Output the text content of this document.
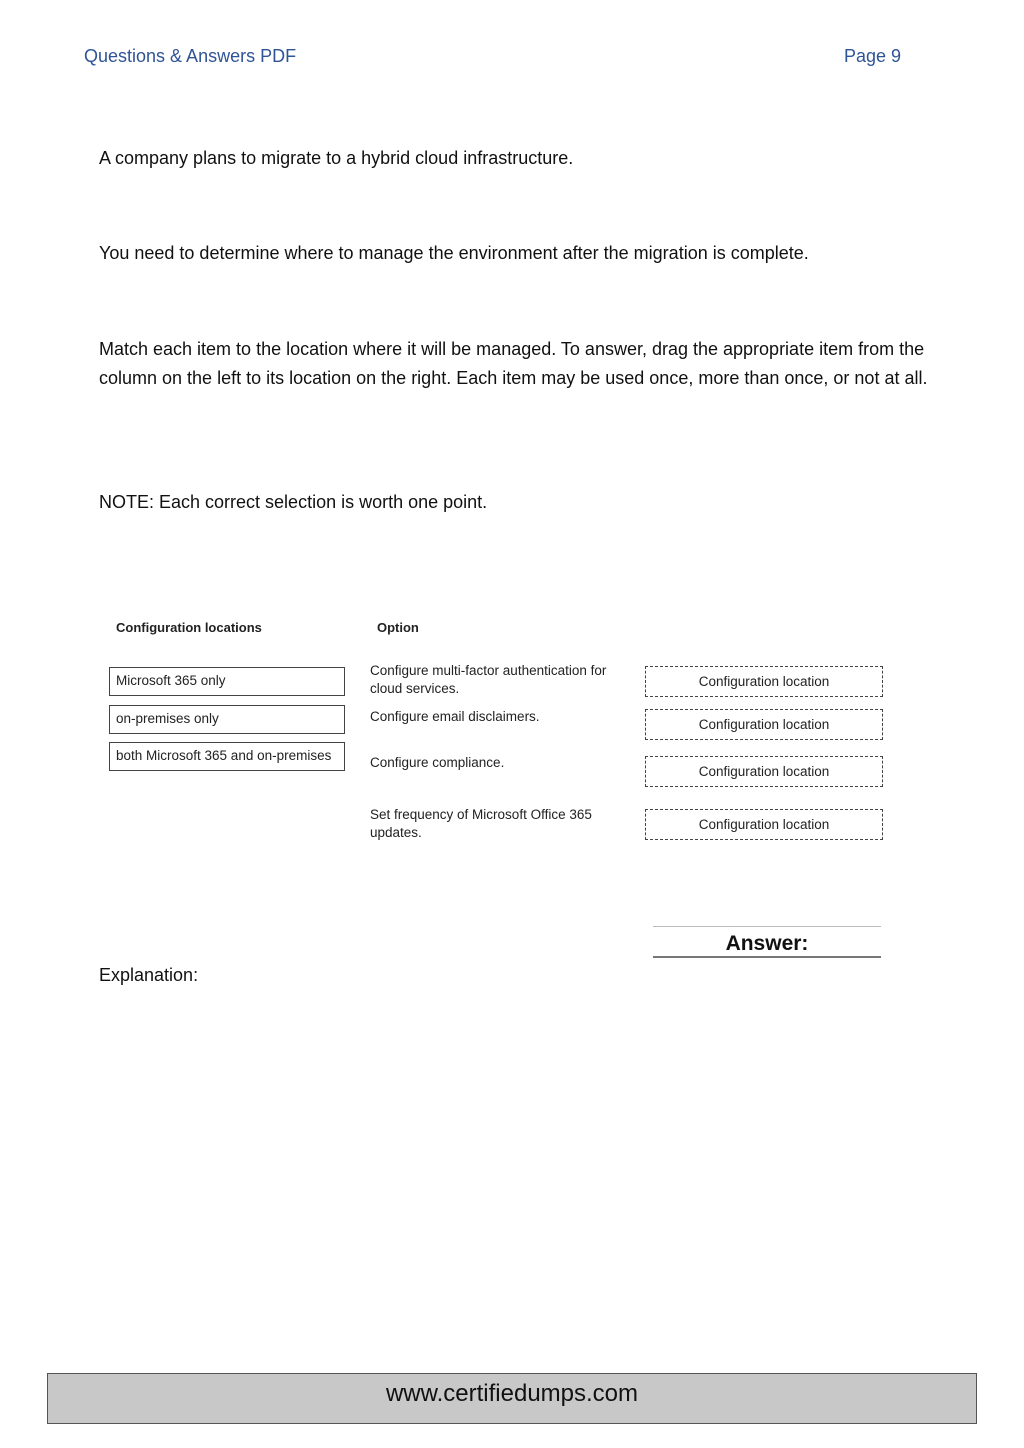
Questions & Answers PDF	Page 9

A company plans to migrate to a hybrid cloud infrastructure.

You need to determine where to manage the environment after the migration is complete.

Match each item to the location where it will be managed. To answer, drag the appropriate item from the column on the left to its location on the right. Each item may be used once, more than once, or not at all.

NOTE: Each correct selection is worth one point.

Configuration locations	Option
Microsoft 365 only
on-premises only
both Microsoft 365 and on-premises
Configure multi-factor authentication for cloud services.
Configure email disclaimers.
Configure compliance.
Set frequency of Microsoft Office 365 updates.
Configuration location
Configuration location
Configuration location
Configuration location
Answer:

Explanation:

www.certifiedumps.com
